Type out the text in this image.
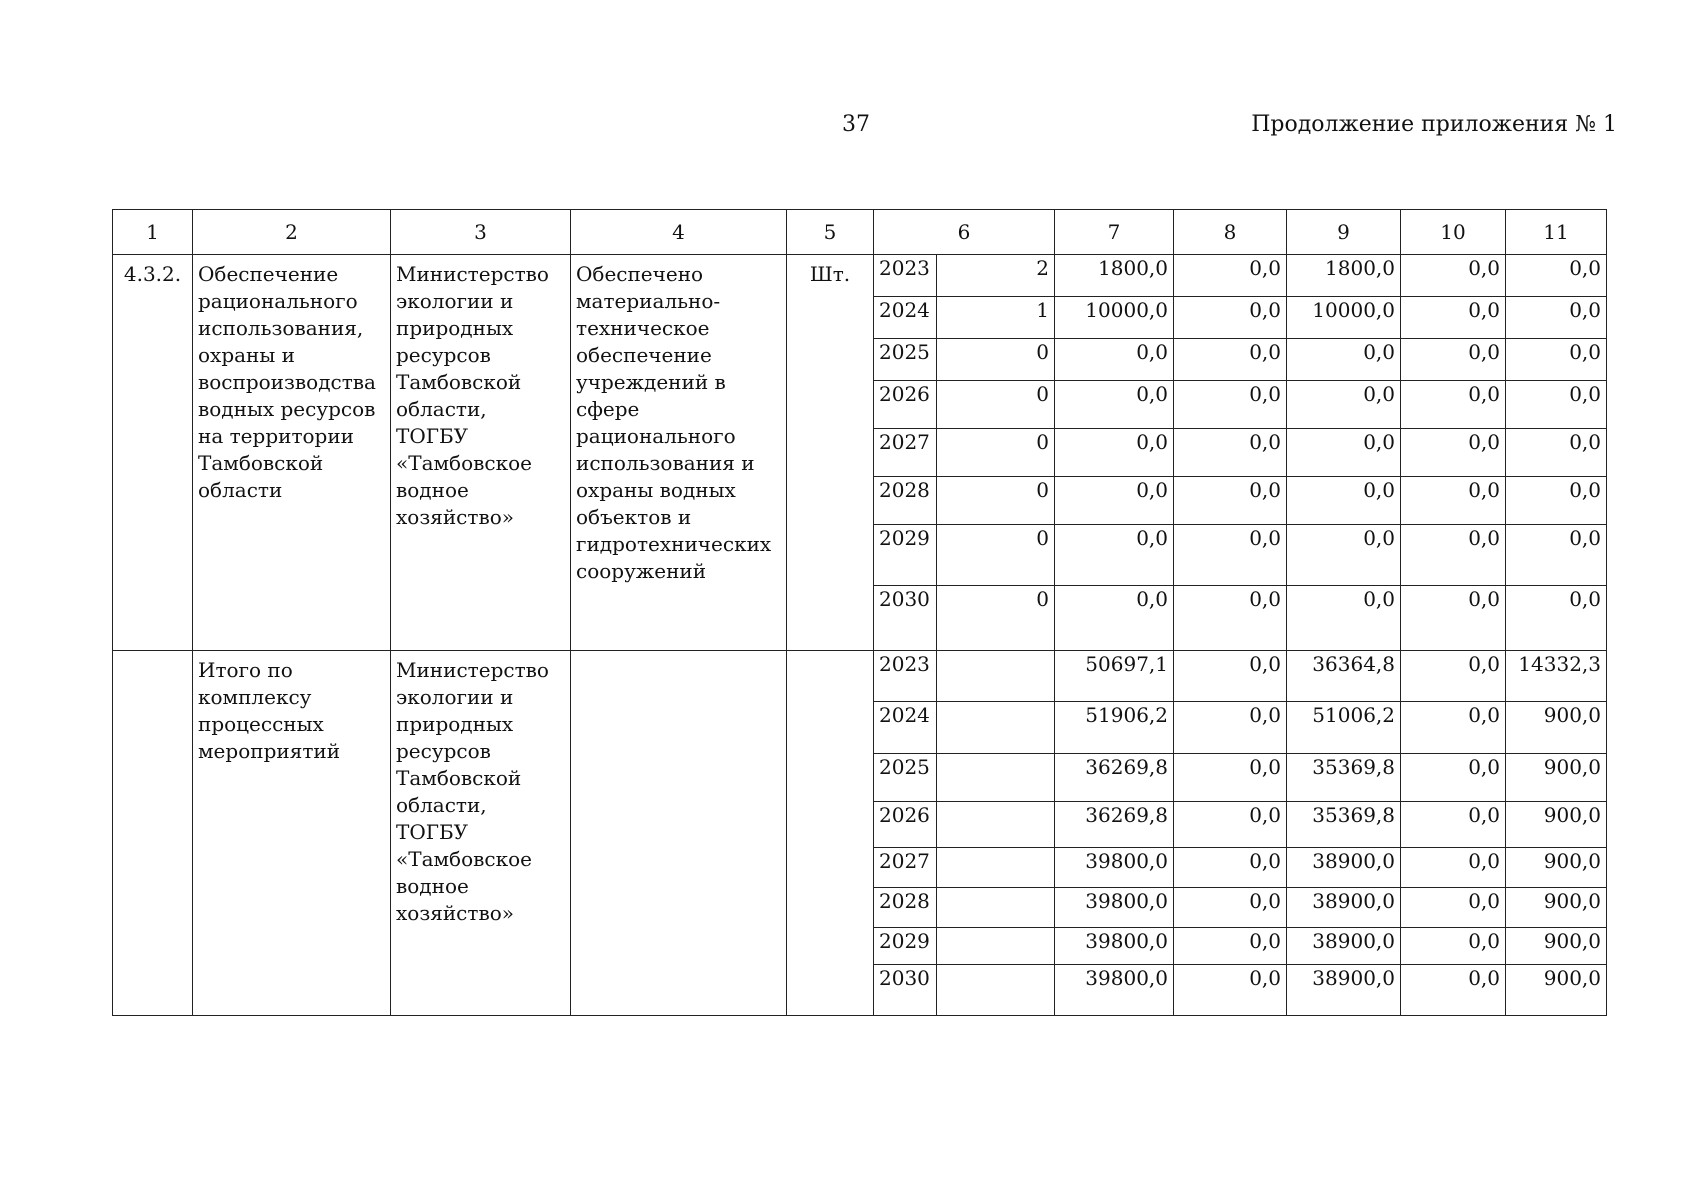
37	Продолжение приложения № 1
1	2	3	4	5	6		7	8	9	10	11
4.3.2.	Обеспечение рационального использования, охраны и воспроизводства водных ресурсов на территории Тамбовской области	Министерство экологии и природных ресурсов Тамбовской области, ТОГБУ «Тамбовское водное хозяйство»	Обеспечено материально-техническое обеспечение учреждений в сфере рационального использования и охраны водных объектов и гидротехнических сооружений	Шт.	2023	2	1800,0	0,0	1800,0	0,0	0,0
					2024	1	10000,0	0,0	10000,0	0,0	0,0
					2025	0	0,0	0,0	0,0	0,0	0,0
					2026	0	0,0	0,0	0,0	0,0	0,0
					2027	0	0,0	0,0	0,0	0,0	0,0
					2028	0	0,0	0,0	0,0	0,0	0,0
					2029	0	0,0	0,0	0,0	0,0	0,0
					2030	0	0,0	0,0	0,0	0,0	0,0
	Итого по комплексу процессных мероприятий	Министерство экологии и природных ресурсов Тамбовской области, ТОГБУ «Тамбовское водное хозяйство»			2023		50697,1	0,0	36364,8	0,0	14332,3
					2024		51906,2	0,0	51006,2	0,0	900,0
					2025		36269,8	0,0	35369,8	0,0	900,0
					2026		36269,8	0,0	35369,8	0,0	900,0
					2027		39800,0	0,0	38900,0	0,0	900,0
					2028		39800,0	0,0	38900,0	0,0	900,0
					2029		39800,0	0,0	38900,0	0,0	900,0
					2030		39800,0	0,0	38900,0	0,0	900,0
